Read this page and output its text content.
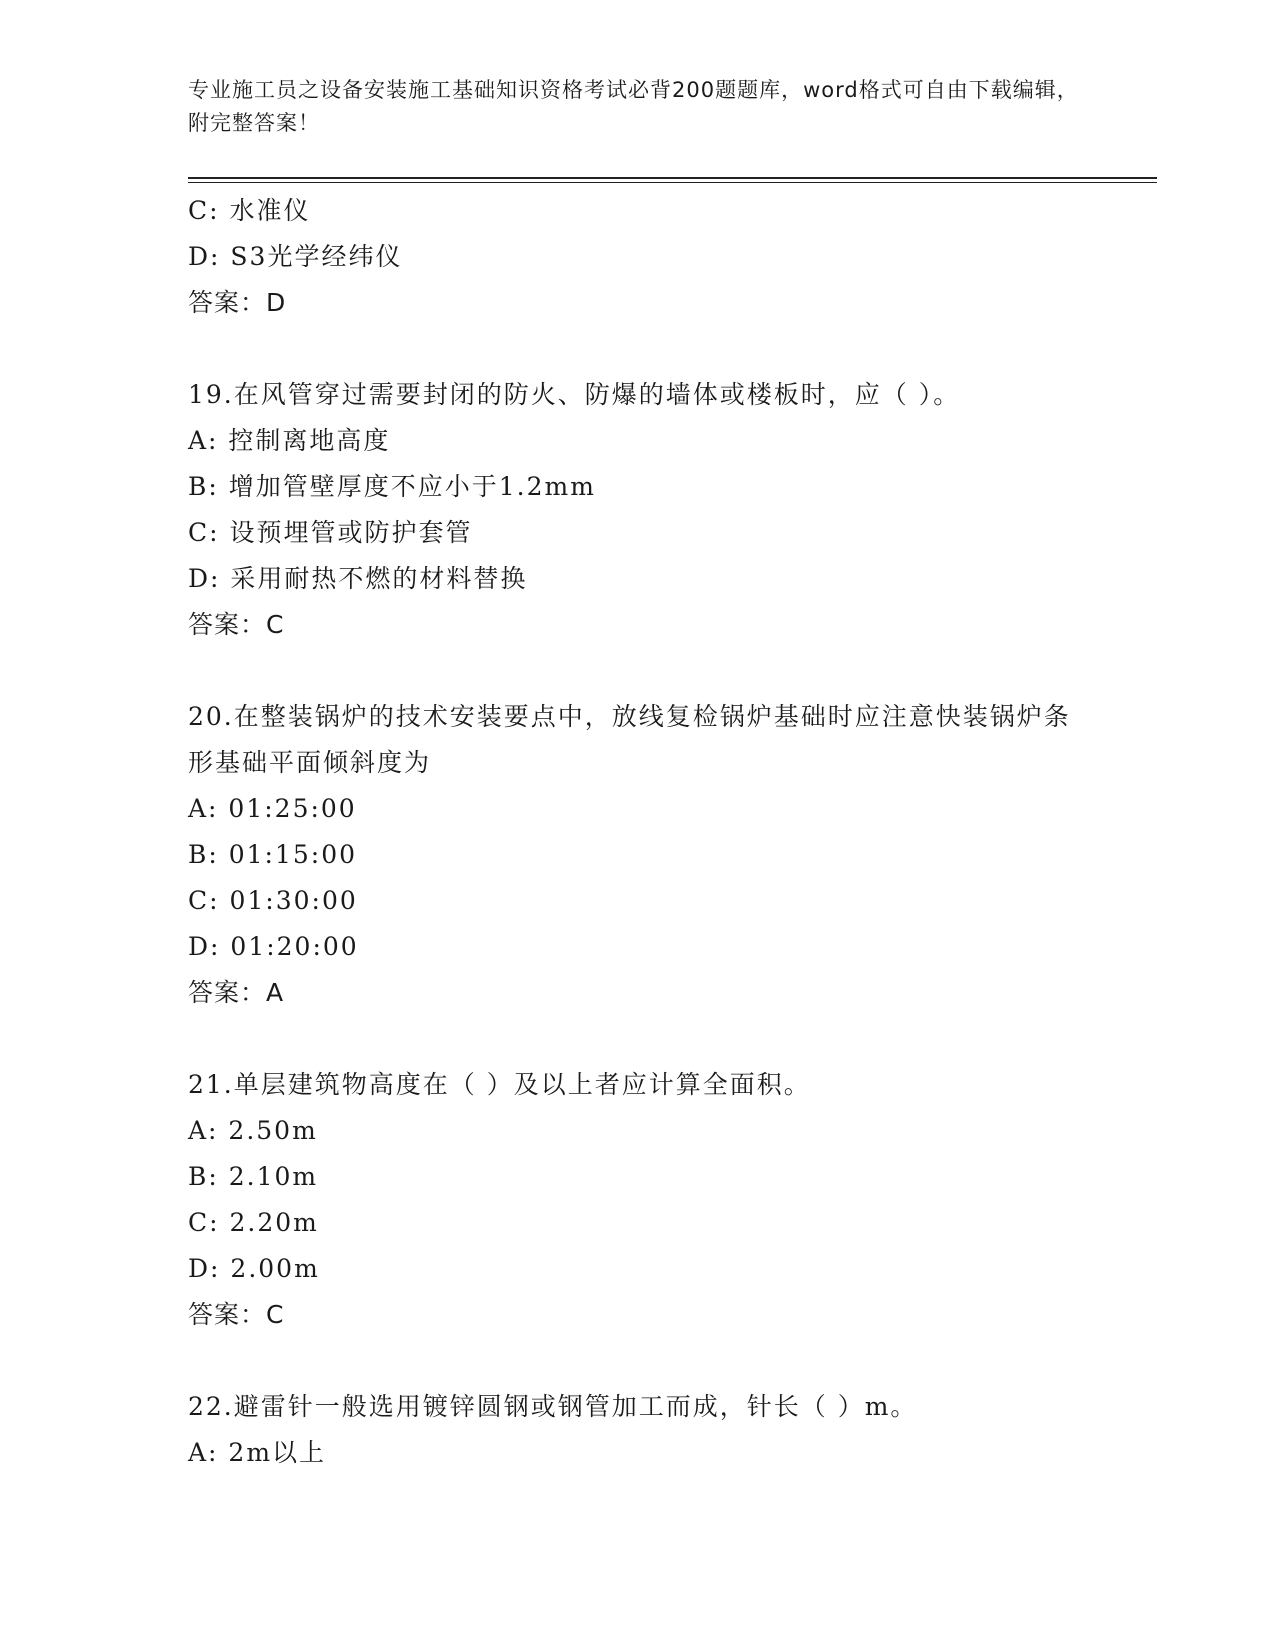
专业施工员之设备安装施工基础知识资格考试必背200题题库，word格式可自由下载编辑，附完整答案！
C: 水准仪
D: S3光学经纬仪
答案：D
19.在风管穿过需要封闭的防火、防爆的墙体或楼板时，应（ ）。
A: 控制离地高度
B: 增加管壁厚度不应小于1.2mm
C: 设预埋管或防护套管
D: 采用耐热不燃的材料替换
答案：C
20.在整装锅炉的技术安装要点中，放线复检锅炉基础时应注意快装锅炉条形基础平面倾斜度为
A: 01:25:00
B: 01:15:00
C: 01:30:00
D: 01:20:00
答案：A
21.单层建筑物高度在（ ）及以上者应计算全面积。
A: 2.50m
B: 2.10m
C: 2.20m
D: 2.00m
答案：C
22.避雷针一般选用镀锌圆钢或钢管加工而成，针长（ ）m。
A: 2m以上
